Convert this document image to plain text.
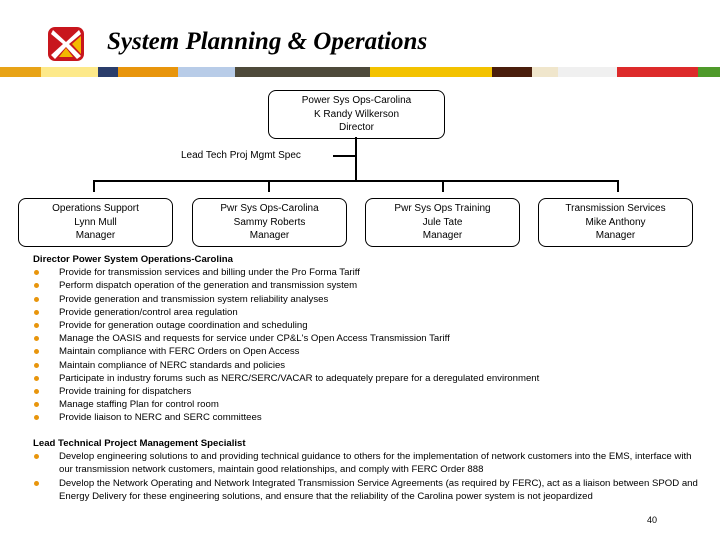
System Planning & Operations
Power Sys Ops-Carolina
K Randy Wilkerson
Director
Lead Tech Proj Mgmt Spec
Operations Support
Lynn Mull
Manager
Pwr Sys Ops-Carolina
Sammy Roberts
Manager
Pwr Sys Ops Training
Jule Tate
Manager
Transmission Services
Mike Anthony
Manager
Director Power System Operations-Carolina
Provide for transmission services and billing under the Pro Forma Tariff
Perform dispatch operation of the generation and transmission system
Provide generation and transmission system reliability analyses
Provide generation/control area regulation
Provide for generation outage coordination and scheduling
Manage the OASIS and requests for service under CP&L's Open Access Transmission Tariff
Maintain compliance with FERC Orders on Open Access
Maintain compliance of NERC standards and policies
Participate in industry forums such as NERC/SERC/VACAR to adequately prepare for a deregulated environment
Provide training for dispatchers
Manage staffing Plan for control room
Provide liaison to NERC and SERC committees
Lead Technical Project Management Specialist
Develop engineering solutions to and providing technical guidance to others for the implementation of network customers into the EMS, interface with our transmission network customers, maintain good relationships, and comply with FERC Order 888
Develop the Network Operating and Network Integrated Transmission Service Agreements (as required by FERC), act as a liaison between SPOD and Energy Delivery for these engineering solutions, and ensure that the reliability of the Carolina power system is not jeopardized
40
